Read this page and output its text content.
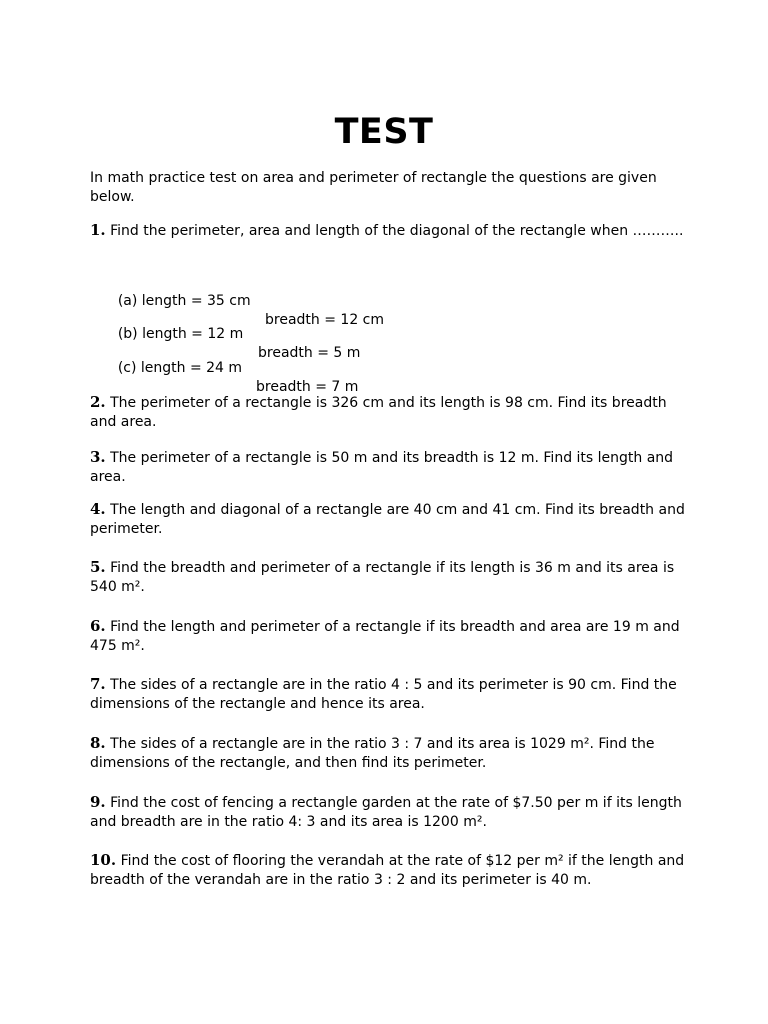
TEST
In math practice test on area and perimeter of rectangle the questions are given below.
1. Find the perimeter, area and length of the diagonal of the rectangle when ………..

(a) length = 35 cm

breadth = 12 cm

(b) length = 12 m

breadth = 5 m

(c) length = 24 m

breadth = 7 m

2. The perimeter of a rectangle is 326 cm and its length is 98 cm. Find its breadth and area.
3. The perimeter of a rectangle is 50 m and its breadth is 12 m. Find its length and area.
4. The length and diagonal of a rectangle are 40 cm and 41 cm. Find its breadth and perimeter.
5. Find the breadth and perimeter of a rectangle if its length is 36 m and its area is 540 m².
6. Find the length and perimeter of a rectangle if its breadth and area are 19 m and 475 m².
7. The sides of a rectangle are in the ratio 4 : 5 and its perimeter is 90 cm. Find the dimensions of the rectangle and hence its area.
8. The sides of a rectangle are in the ratio 3 : 7 and its area is 1029 m². Find the dimensions of the rectangle, and then find its perimeter.
9. Find the cost of fencing a rectangle garden at the rate of $7.50 per m if its length and breadth are in the ratio 4: 3 and its area is 1200 m².
10. Find the cost of flooring the verandah at the rate of $12 per m² if the length and breadth of the verandah are in the ratio 3 : 2 and its perimeter is 40 m.
